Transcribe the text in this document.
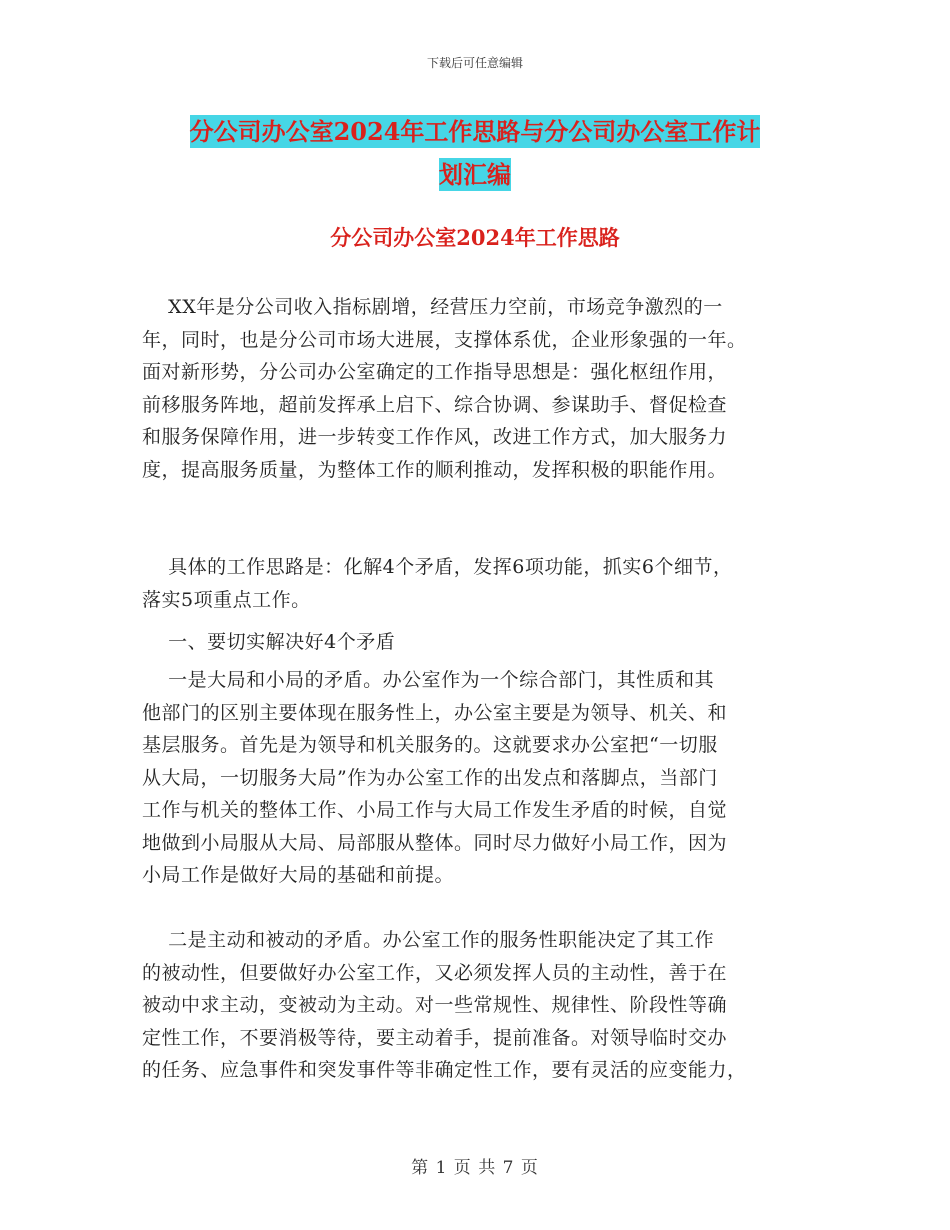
下载后可任意编辑
分公司办公室2024年工作思路与分公司办公室工作计
划汇编
分公司办公室2024年工作思路

XX年是分公司收入指标剧增，经营压力空前，市场竞争激烈的一
年，同时，也是分公司市场大进展，支撑体系优，企业形象强的一年。
面对新形势，分公司办公室确定的工作指导思想是：强化枢纽作用，
前移服务阵地，超前发挥承上启下、综合协调、参谋助手、督促检查
和服务保障作用，进一步转变工作作风，改进工作方式，加大服务力
度，提高服务质量，为整体工作的顺利推动，发挥积极的职能作用。

具体的工作思路是：化解4个矛盾，发挥6项功能，抓实6个细节，
落实5项重点工作。

一、要切实解决好4个矛盾

一是大局和小局的矛盾。办公室作为一个综合部门，其性质和其
他部门的区别主要体现在服务性上，办公室主要是为领导、机关、和
基层服务。首先是为领导和机关服务的。这就要求办公室把“一切服
从大局，一切服务大局”作为办公室工作的出发点和落脚点，当部门
工作与机关的整体工作、小局工作与大局工作发生矛盾的时候，自觉
地做到小局服从大局、局部服从整体。同时尽力做好小局工作，因为
小局工作是做好大局的基础和前提。

二是主动和被动的矛盾。办公室工作的服务性职能决定了其工作
的被动性，但要做好办公室工作，又必须发挥人员的主动性，善于在
被动中求主动，变被动为主动。对一些常规性、规律性、阶段性等确
定性工作，不要消极等待，要主动着手，提前准备。对领导临时交办
的任务、应急事件和突发事件等非确定性工作，要有灵活的应变能力，

第 1 页 共 7 页
